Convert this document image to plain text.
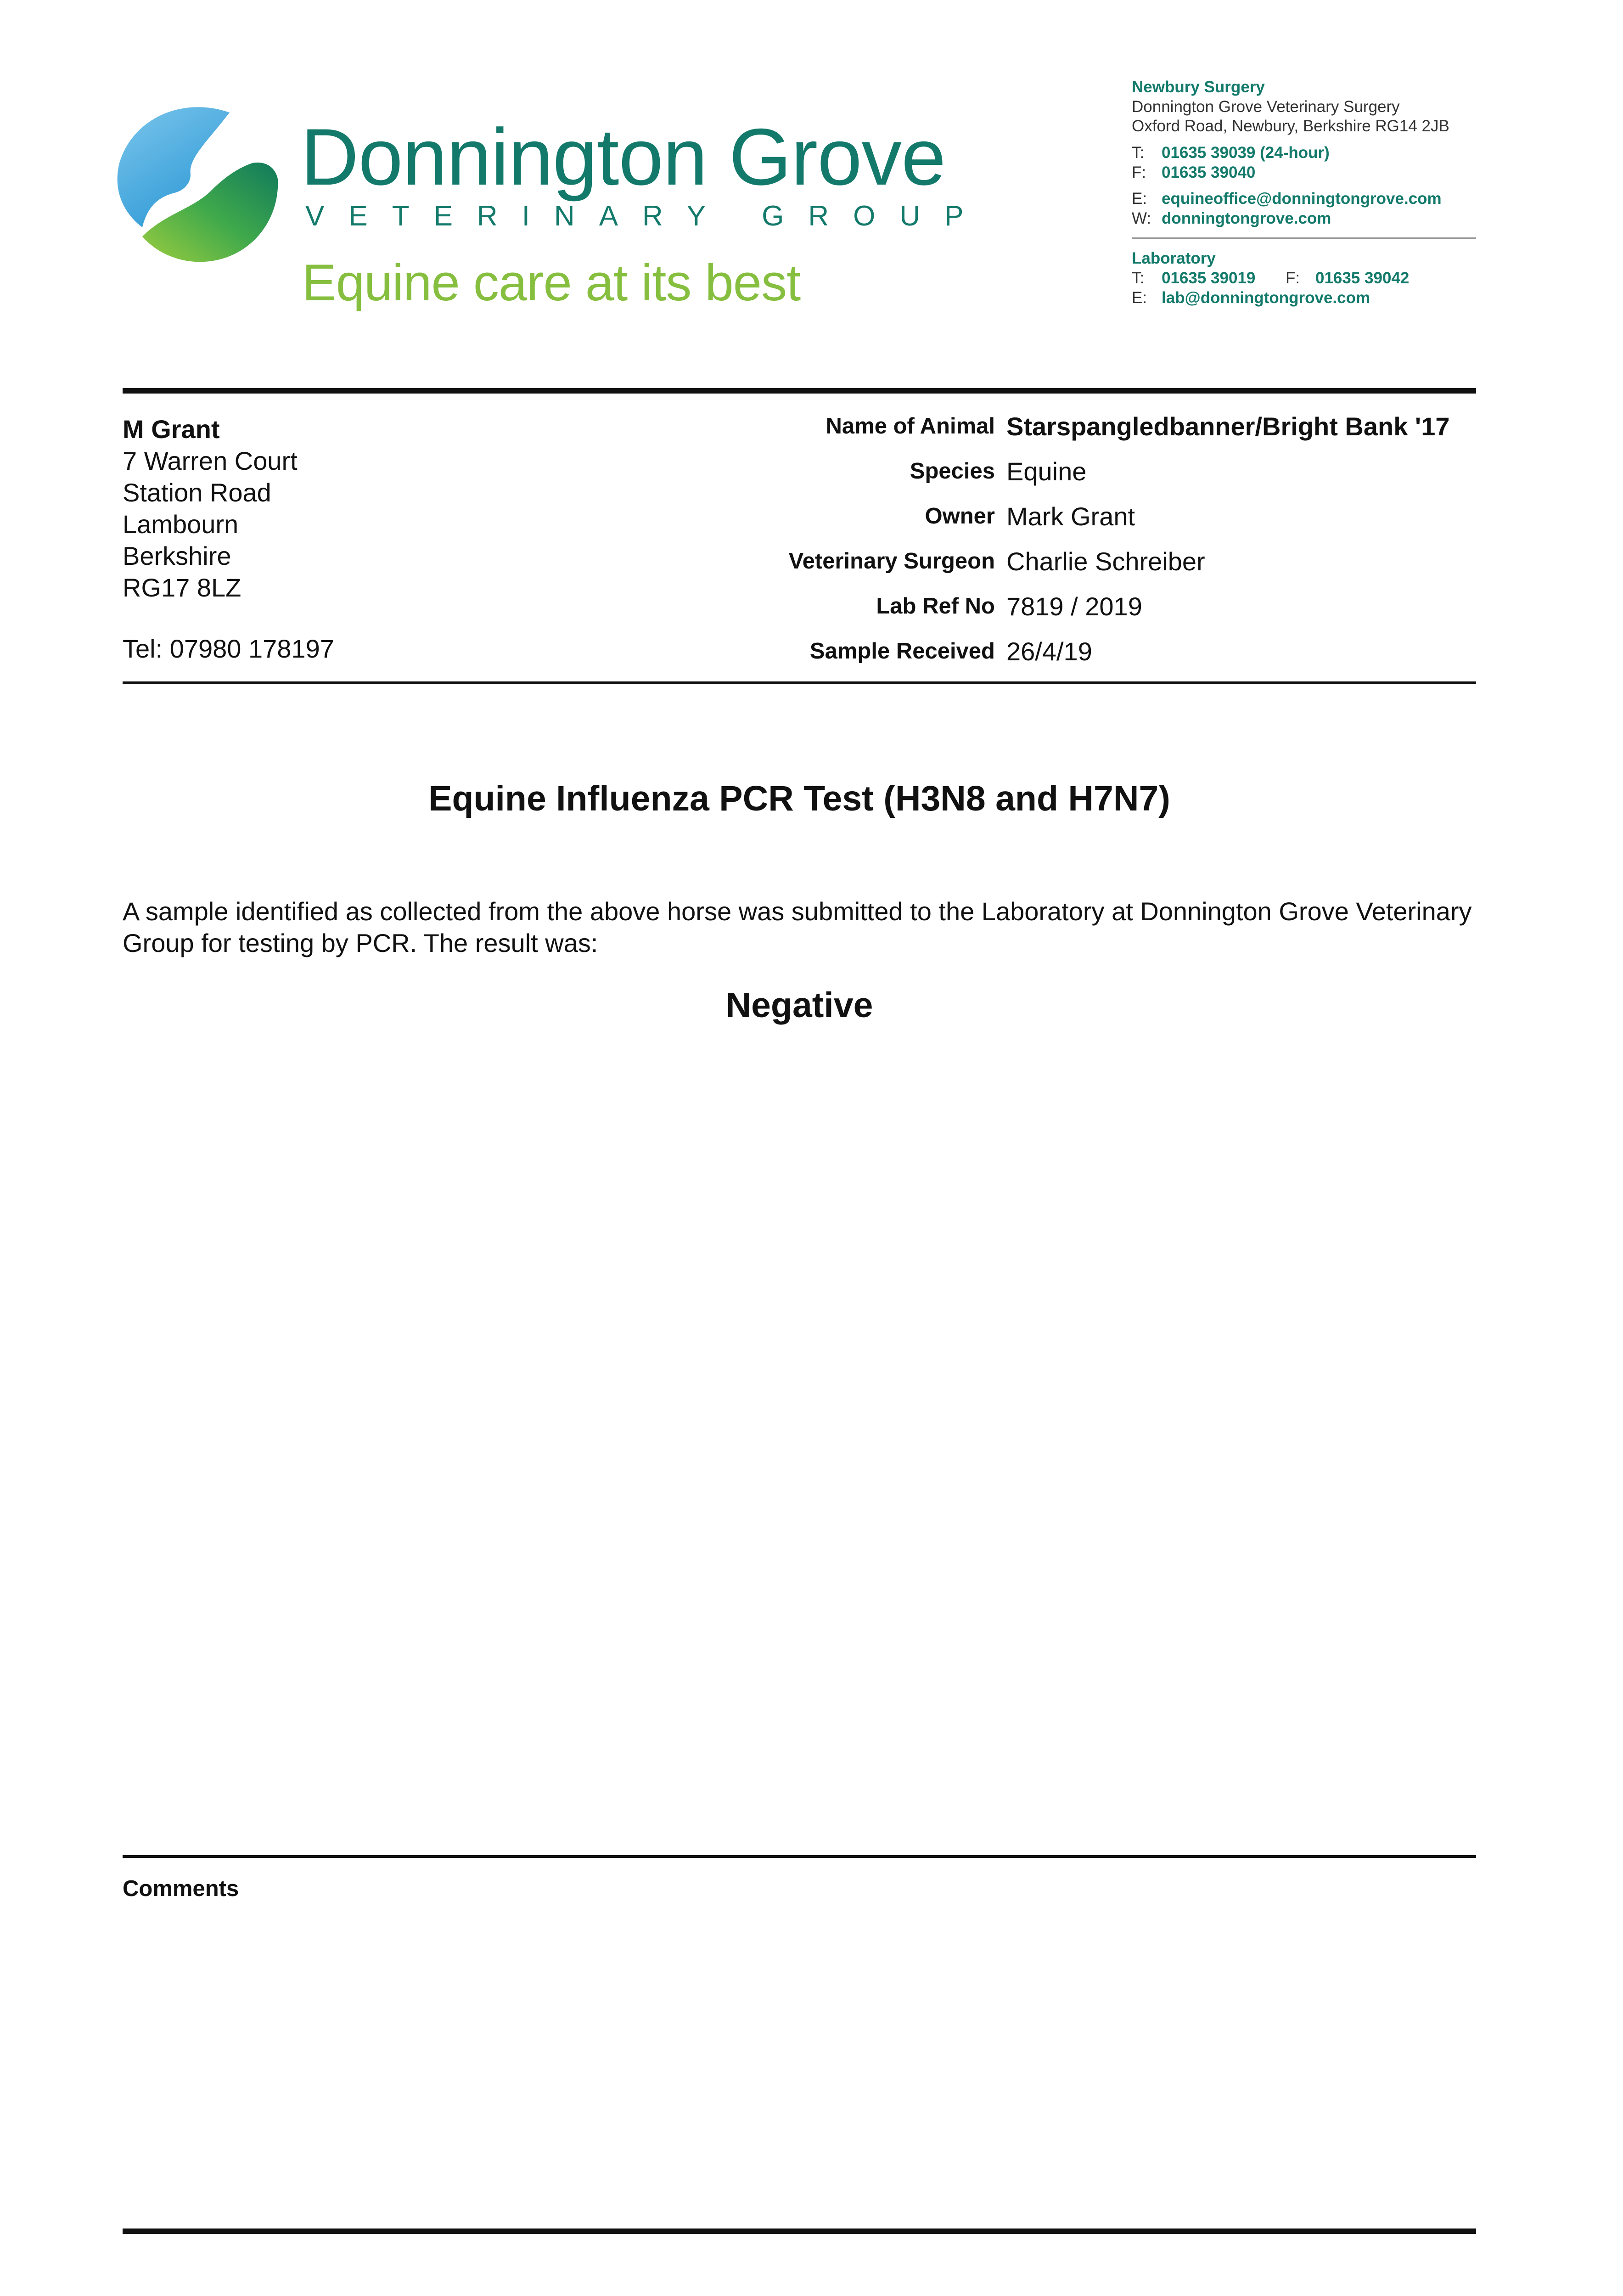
Donnington Grove
VETERINARY GROUP
Equine care at its best
Newbury Surgery
Donnington Grove Veterinary Surgery
Oxford Road, Newbury, Berkshire RG14 2JB
T: 01635 39039 (24-hour)
F: 01635 39040
E: equineoffice@donningtongrove.com
W: donningtongrove.com
Laboratory
T: 01635 39019 F: 01635 39042
E: lab@donningtongrove.com
M Grant
7 Warren Court
Station Road
Lambourn
Berkshire
RG17 8LZ
Tel: 07980 178197
Name of Animal Starspangledbanner/Bright Bank '17
Species Equine
Owner Mark Grant
Veterinary Surgeon Charlie Schreiber
Lab Ref No 7819 / 2019
Sample Received 26/4/19
Equine Influenza PCR Test (H3N8 and H7N7)
A sample identified as collected from the above horse was submitted to the Laboratory at Donnington Grove Veterinary Group for testing by PCR. The result was:
Negative
Comments
